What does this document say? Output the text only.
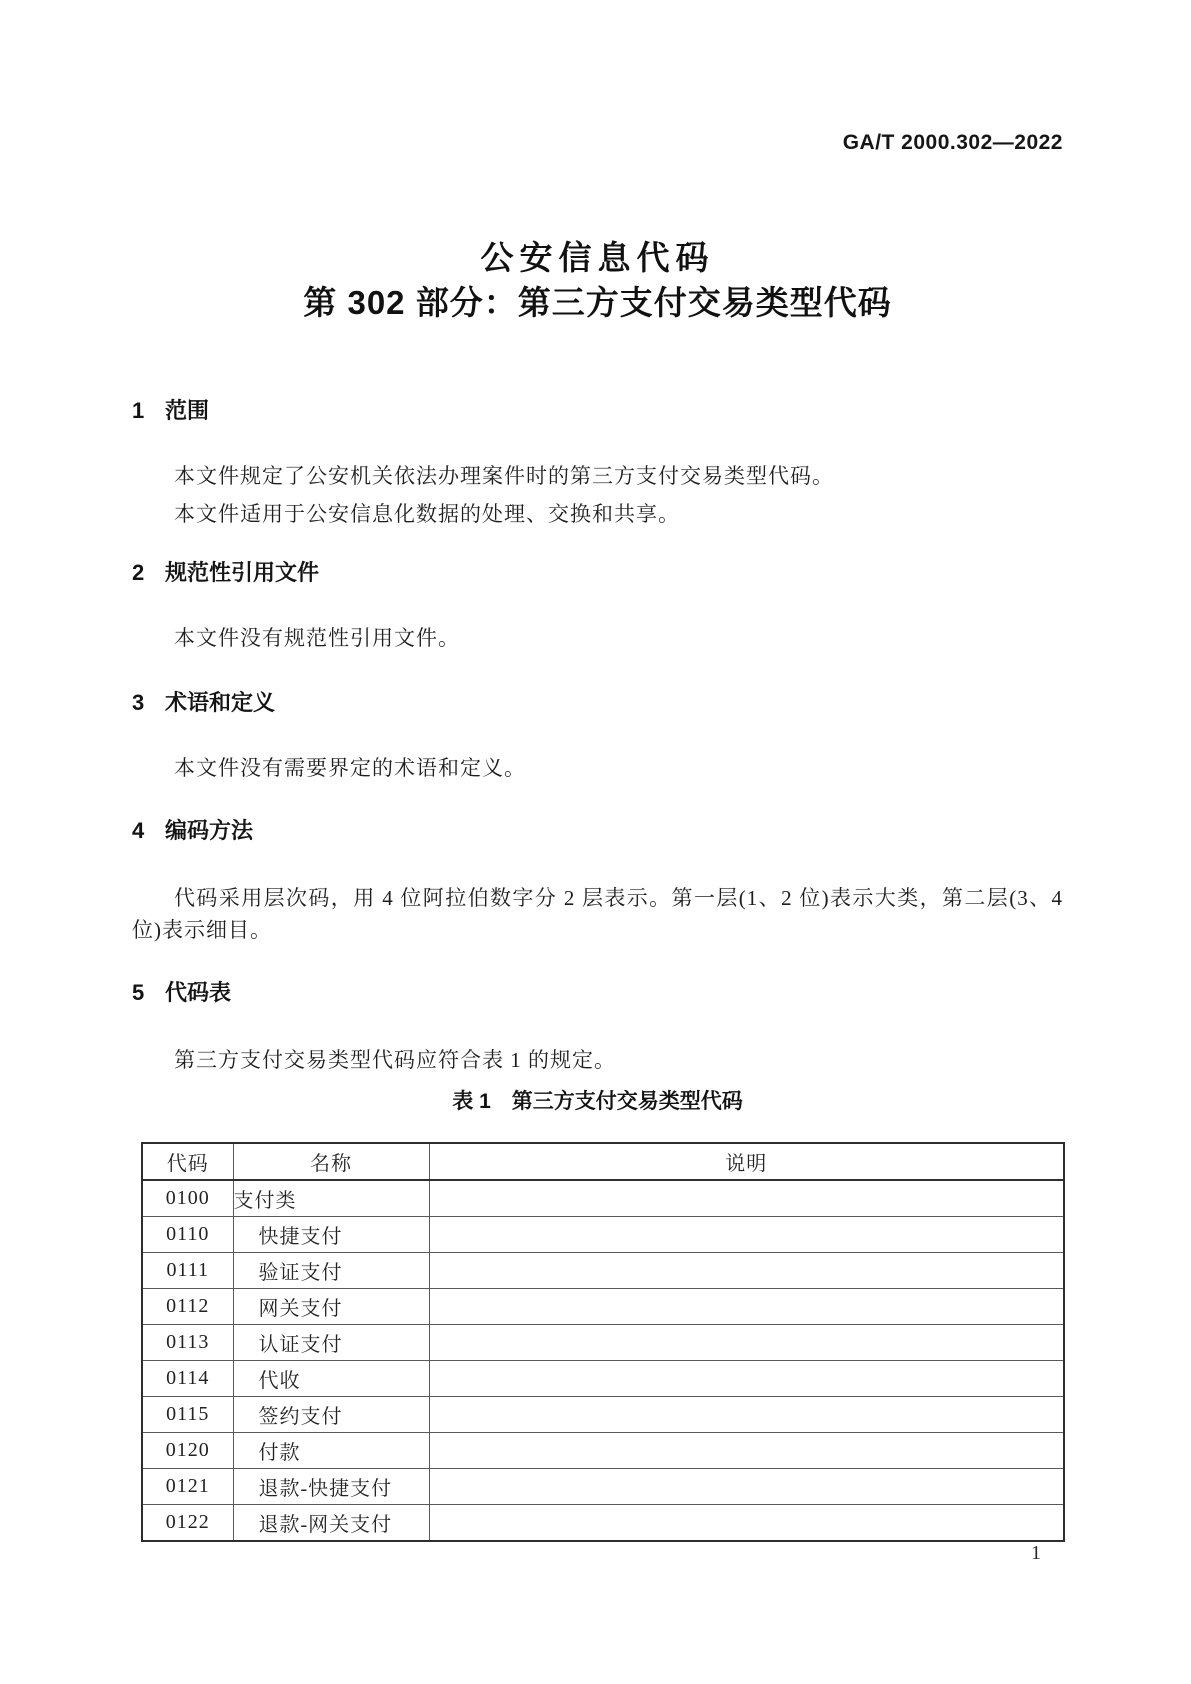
GA/T 2000.302—2022
公安信息代码
第 302 部分：第三方支付交易类型代码
1 范围

本文件规定了公安机关依法办理案件时的第三方支付交易类型代码。

本文件适用于公安信息化数据的处理、交换和共享。

2 规范性引用文件

本文件没有规范性引用文件。

3 术语和定义

本文件没有需要界定的术语和定义。

4 编码方法

代码采用层次码，用 4 位阿拉伯数字分 2 层表示。第一层(1、2 位)表示大类，第二层(3、4 位)表示细目。

5 代码表

第三方支付交易类型代码应符合表 1 的规定。

表 1　第三方支付交易类型代码
代码	名称	说明
0100	支付类	
0110	快捷支付	
0111	验证支付	
0112	网关支付	
0113	认证支付	
0114	代收	
0115	签约支付	
0120	付款	
0121	退款-快捷支付	
0122	退款-网关支付	
1
